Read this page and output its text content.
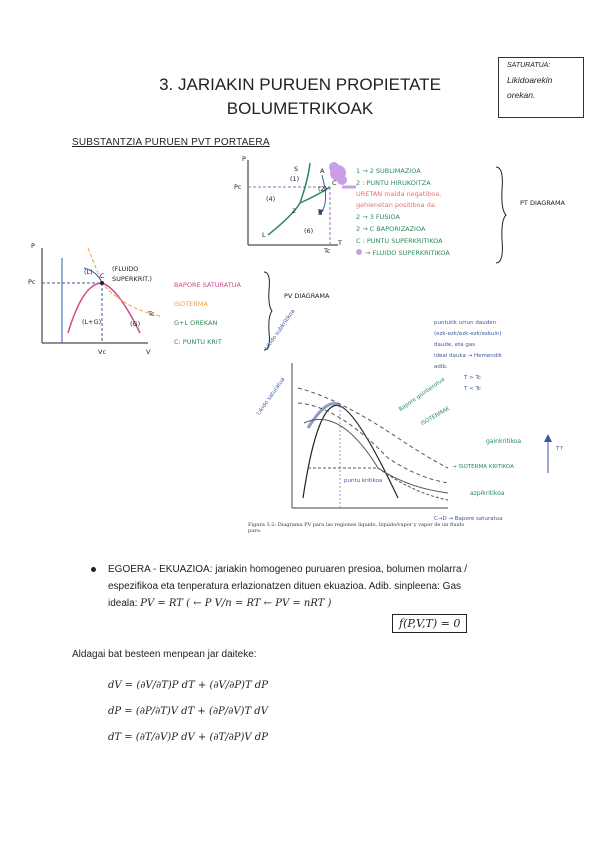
3. JARIAKIN PURUEN PROPIETATE
BOLUMETRIKOAK
SATURATUA:
Likidoarekin
orekan.
SUBSTANTZIA PURUEN PVT PORTAERA
P
T
Pc
Tc
(1)
(2)
(4)
(6)
S	A
L
B
C
2
1 → 2 SUBLIMAZIOA
2 : PUNTU HIRUKOITZA
URETAN malda negatiboa,
gehienetan positiboa da.
2 → 3 FUSIOA
2 → C BAPORIZAZIOA
C : PUNTU SUPERKRITIKOA
→ FLUIDO SUPERKRITIKOA
PT DIAGRAMA
P
V
Pc
Vc
Tc
C
(L)
(L+G)	(G)
(FLUIDO SUPERKRIT.)
BAPORE SATURATUA
ISOTERMA
G+L OREKAN
C: PUNTU KRIT
PV DIAGRAMA
puntutik urrun dauden
(ezk-ezk/ezk-ezk/eskuin)
daude, eta gas
ideal dauka → Hemendik
adib.
T > Tc
T < Tc
Likido subkritikoa
Likido saturatua	Bapore gainberotua
ISOTERMAK
gainkritikoa
→ ISOTERMA KRITIKOA
azpikritikoa
puntu kritikoa
C→D → Bapore saturatua
T↑
Figura 3.2: Diagrama PV para las regiones líquido, líquido/vapor y vapor de un fluido puro.
EGOERA - EKUAZIOA: jariakin homogeneo puruaren presioa, bolumen molarra /
espezifikoa eta tenperatura erlazionatzen dituen ekuazioa. Adib. sinpleena: Gas
ideala: PV = RT ( ← P V/n = RT ← PV = nRT )
f(P,V,T) = 0
Aldagai bat besteen menpean jar daiteke:
dV = (∂V/∂T)P dT + (∂V/∂P)T dP
dP = (∂P/∂T)V dT + (∂P/∂V)T dV
dT = (∂T/∂V)P dV + (∂T/∂P)V dP
